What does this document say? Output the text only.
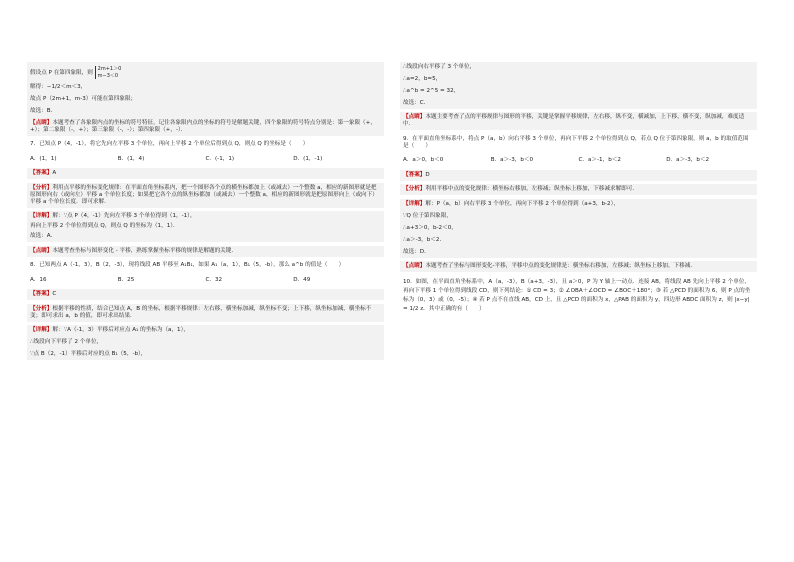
假设点 P 在第四象限，则
2m+1＞0
m−3＜0
解得：−1/2＜m＜3，
故点 P（2m+1，m-3）可能在第四象限；
故选：B．
【点睛】本题考查了各象限内点的坐标的符号特征，记住各象限内点的坐标的符号是解题关键，四个象限的符号特点分别是：第一象限（+，+）；第二象限（-，+）；第三象限（-，-）；第四象限（+，-）．
7．已知点 P（4，-1），将它先向左平移 3 个单位，再向上平移 2 个单位后得到点 Q，则点 Q 的坐标是（　　）
A．(1，1)	B．(1，4)	C．(-1，1)	D．(1，-1)
【答案】A
【分析】利用点平移的坐标变化规律：在平面直角坐标系内，把一个图形各个点的横坐标都加上（或减去）一个整数 a，相应的新图形就是把原图形向右（或向左）平移 a 个单位长度；如果把它各个点的纵坐标都加（或减去）一个整数 a，相应的新图形就是把原图形向上（或向下）平移 a 个单位长度．即可求解．
【详解】解：∵点 P（4，-1）先向左平移 3 个单位得到（1，-1），
再向上平移 2 个单位得到点 Q，则点 Q 的坐标为（1，1）．
故选：A．
【点睛】本题考查坐标与图形变化 - 平移，熟练掌握坐标平移的规律是解题的关键．
8．已知两点 A（-1，3），B（2，-3），现将线段 AB 平移至 A₁B₁，如果 A₁（a，1），B₁（5，-b），那么 a^b 的值是（　　）
A．16	B．25	C．32	D．49
【答案】C
【分析】根据平移的性质，结合已知点 A，B 的坐标，根据平移规律：左右移，横坐标加减，纵坐标不变；上下移，纵坐标加减，横坐标不变；即可求出 a，b 的值，即可求出结果．
【详解】解：∵A（-1，3）平移后对应点 A₁ 的坐标为（a，1），
∴线段向下平移了 2 个单位，
∵点 B（2，-1）平移后对应的点 B₁（5，-b），
∴线段向右平移了 3 个单位，
∴a=2，b=5，
∴a^b = 2^5 = 32，
故选：C．
【点睛】本题主要考查了点的平移规律与图形的平移，关键是掌握平移规律，左右移，纵不变，横减加，上下移，横不变，纵加减，难度适中．
9．在平面直角坐标系中，将点 P（a，b）向右平移 3 个单位，再向下平移 2 个单位得到点 Q，若点 Q 位于第四象限，则 a，b 的取值范围是（　　）
A．a＞0，b＜0	B．a＞-3，b＜0	C．a＞-1，b＜2	D．a＞-3，b＜2
【答案】D
【分析】利用平移中点的变化规律：横坐标右移加，左移减；纵坐标上移加，下移减求解即可．
【详解】解：P（a，b）向右平移 3 个单位，再向下平移 2 个单位得到（a+3，b-2），
∵Q 位于第四象限，
∴a+3＞0，b-2＜0，
∴a＞-3，b＜2．
故选：D．
【点睛】本题考查了坐标与图形变化-平移，平移中点的变化规律是：横坐标右移加，左移减；纵坐标上移加，下移减．
10．如图，在平面直角坐标系中，A（a，-3），B（a+3，-3），且 a＞0，P 为 Y 轴上一动点．连接 AB，将线段 AB 先向上平移 2 个单位，再向下平移 1 个单位得到线段 CD，则下列结论：① CD = 3；② ∠OBA＋∠OCD = ∠BOC＋180°；③ 若 △PCD 的面积为 6，则 P 点的坐标为（0，3）或（0，-5）；④ 若 P 点不在直线 AB，CD 上，且 △PCD 的面积为 x，△PAB 的面积为 y，四边形 ABDC 面积为 z，则 |x−y| = 1/2 z．其中正确的有（　　）
